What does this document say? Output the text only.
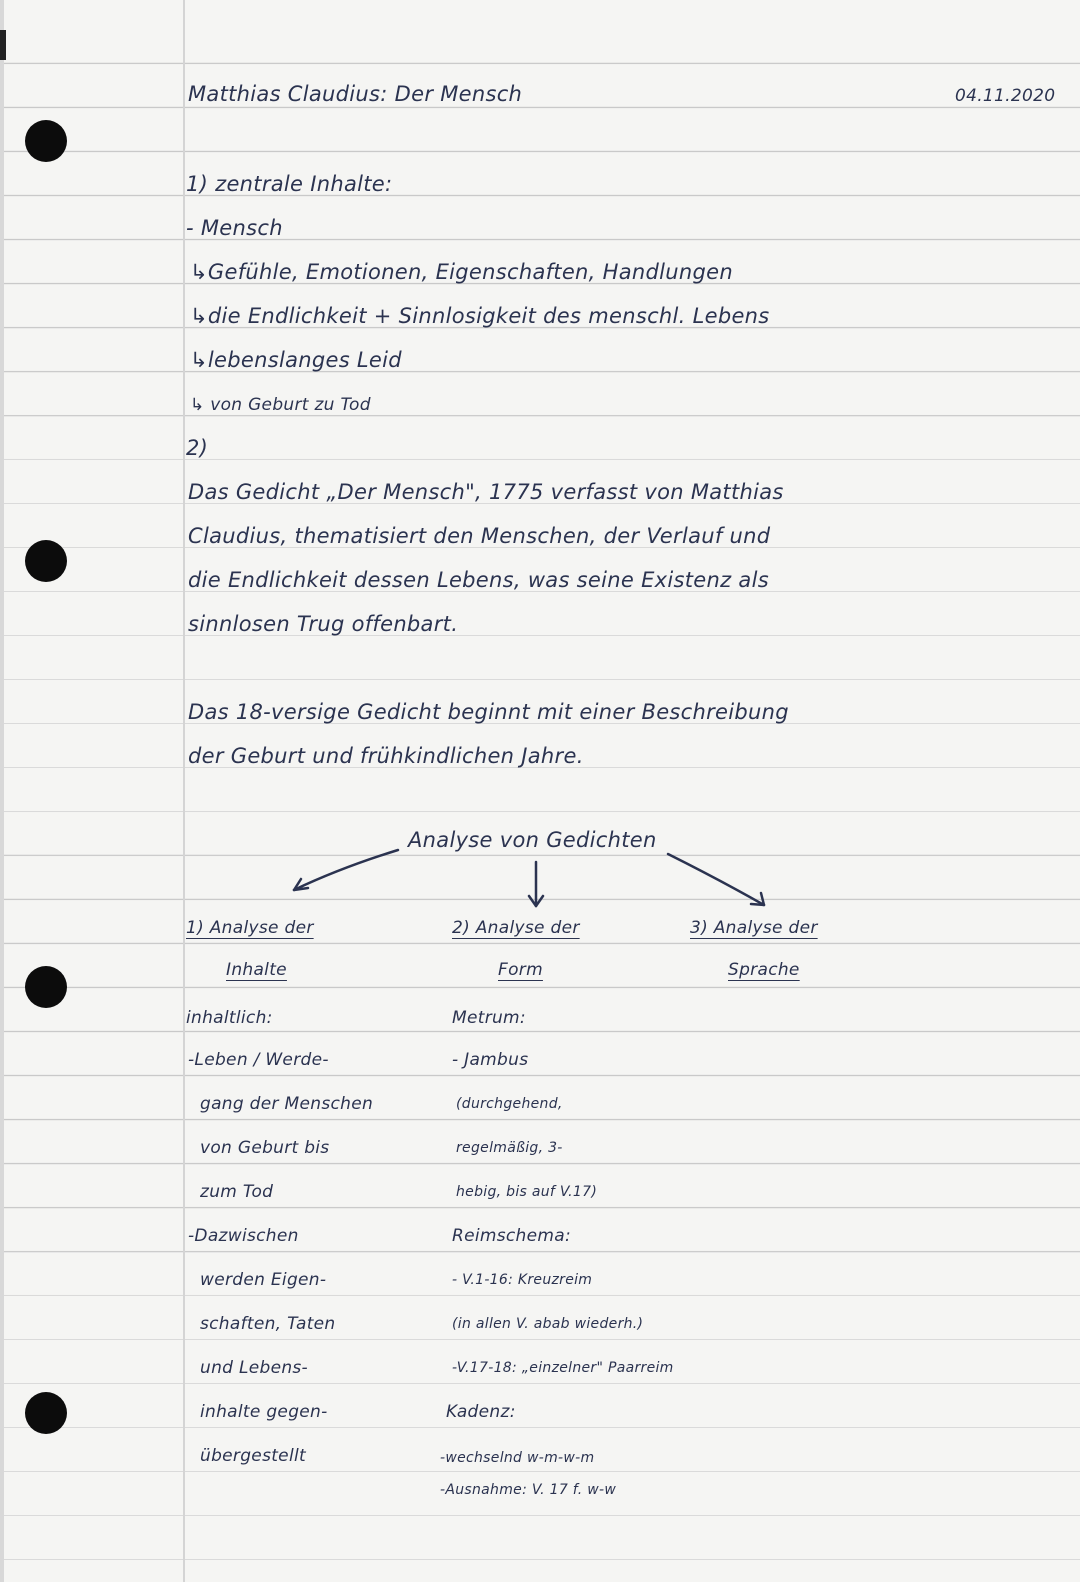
Matthias Claudius: Der Mensch	04.11.2020
1) zentrale Inhalte:
- Mensch
↳Gefühle, Emotionen, Eigenschaften, Handlungen
↳die Endlichkeit + Sinnlosigkeit des menschl. Lebens
↳lebenslanges Leid
↳ von Geburt zu Tod
2)
Das Gedicht „Der Mensch", 1775 verfasst von Matthias
Claudius, thematisiert den Menschen, der Verlauf und
die Endlichkeit dessen Lebens, was seine Existenz als
sinnlosen Trug offenbart.
Das 18-versige Gedicht beginnt mit einer Beschreibung
der Geburt und frühkindlichen Jahre.
Analyse von Gedichten
1) Analyse der
Inhalte
inhaltlich:
-Leben / Werde-
gang der Menschen
von Geburt bis
zum Tod
-Dazwischen
werden Eigen-
schaften, Taten
und Lebens-
inhalte gegen-
übergestellt
2) Analyse der
Form
Metrum:
- Jambus
(durchgehend,
regelmäßig, 3-
hebig, bis auf V.17)
Reimschema:
- V.1-16: Kreuzreim
(in allen V. abab wiederh.)
-V.17-18: „einzelner" Paarreim
Kadenz:
-wechselnd w-m-w-m
-Ausnahme: V. 17 f. w-w
3) Analyse der
Sprache
